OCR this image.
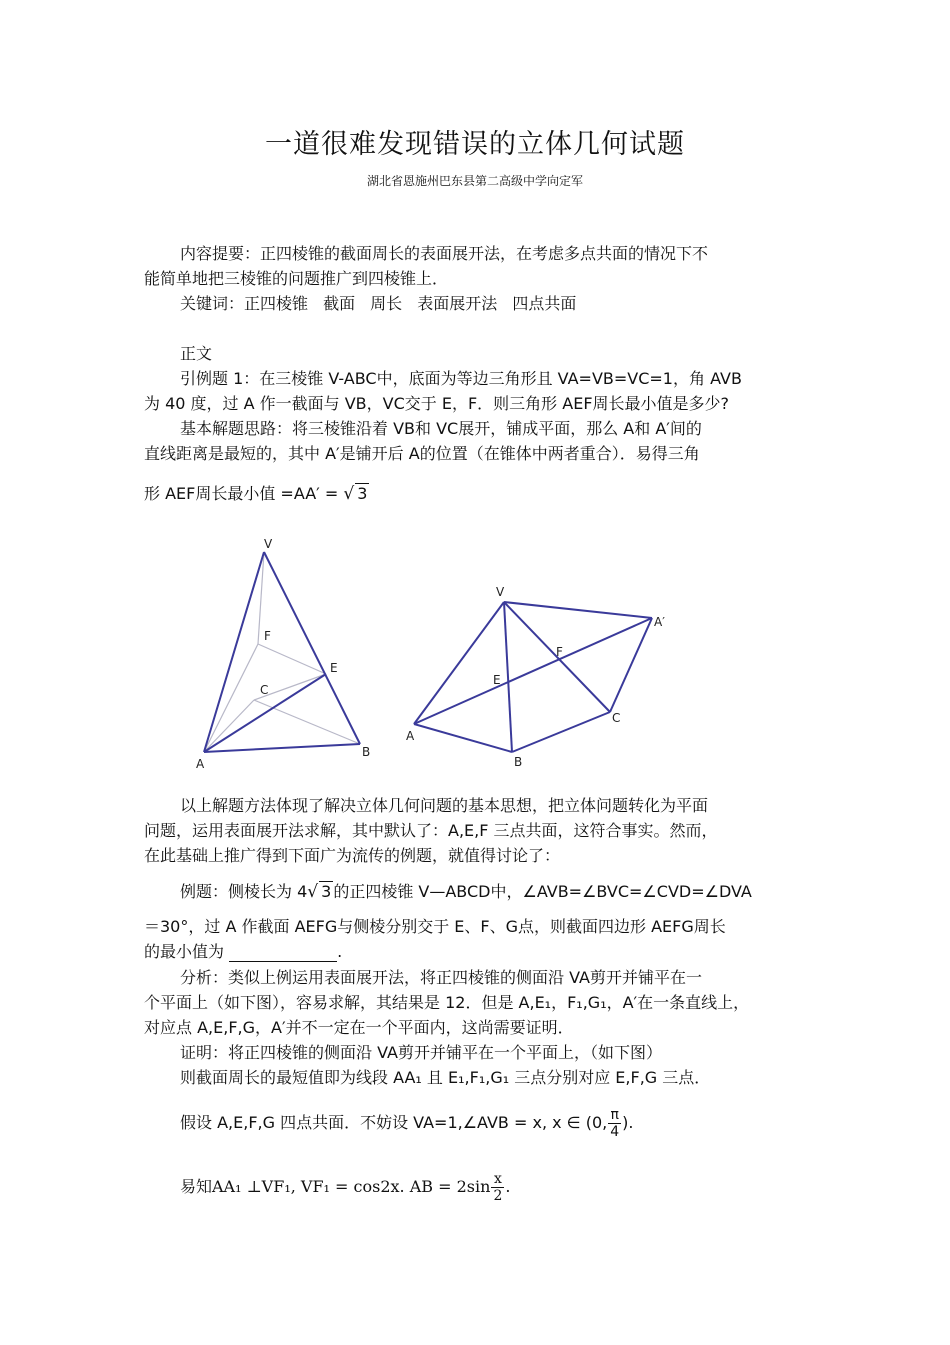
一道很难发现错误的立体几何试题
湖北省恩施州巴东县第二高级中学向定军
内容提要：正四棱锥的截面周长的表面展开法，在考虑多点共面的情况下不
能简单地把三棱锥的问题推广到四棱锥上．
关键词：正四棱锥 截面 周长 表面展开法 四点共面
正文
引例题 1：在三棱锥 V-ABC中，底面为等边三角形且 VA=VB=VC=1，角 AVB
为 40 度，过 A 作一截面与 VB，VC交于 E，F．则三角形 AEF周长最小值是多少?
基本解题思路：将三棱锥沿着 VB和 VC展开，铺成平面，那么 A和 A′间的
直线距离是最短的，其中 A′是铺开后 A的位置（在锥体中两者重合）．易得三角
形 AEF周长最小值 =AA′ = √ 3
V
F
E
C
A
B
V
A′
F
E
C
A
B
以上解题方法体现了解决立体几何问题的基本思想，把立体问题转化为平面
问题，运用表面展开法求解，其中默认了：A,E,F 三点共面，这符合事实。然而，
在此基础上推广得到下面广为流传的例题，就值得讨论了：
例题：侧棱长为 4√ 3 的正四棱锥 V—ABCD中，∠AVB=∠BVC=∠CVD=∠DVA
＝30°，过 A 作截面 AEFG与侧棱分别交于 E、F、G点，则截面四边形 AEFG周长
的最小值为	.
分析：类似上例运用表面展开法，将正四棱锥的侧面沿 VA剪开并铺平在一
个平面上（如下图），容易求解，其结果是 12．但是 A,E₁，F₁,G₁，A′在一条直线上，
对应点 A,E,F,G，A′并不一定在一个平面内，这尚需要证明．
证明：将正四棱锥的侧面沿 VA剪开并铺平在一个平面上，（如下图）
则截面周长的最短值即为线段 AA₁ 且 E₁,F₁,G₁ 三点分别对应 E,F,G 三点．
假设 A,E,F,G 四点共面．不妨设 VA=1,∠AVB = x, x ∈ (0, $\frac{\pi}{4}$ ).
易知AA₁ ⊥VF₁, VF₁ = cos2x. AB = $2\sin \frac{x}{2}$ .
